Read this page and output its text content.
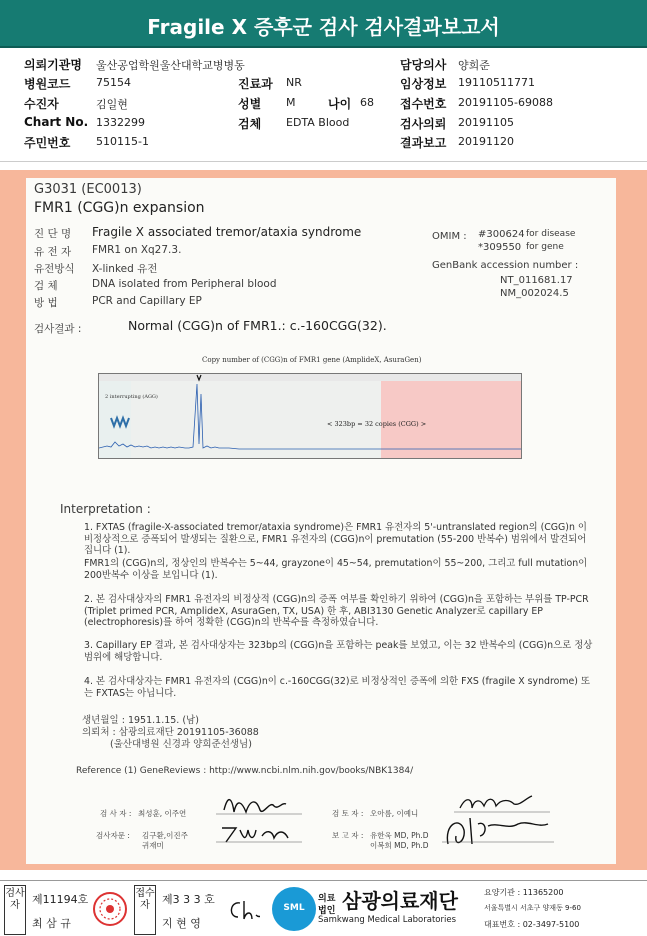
Fragile X 증후군 검사 검사결과보고서
의뢰기관명 울산공업학원울산대학교병병동	담당의사 양희준
병원코드 75154	진료과 NR	임상정보 19110511771
수진자	김일현	성별 M	나이 68 접수번호 20191105-69088
Chart No. 1332299	검체 EDTA Blood	검사의뢰 20191105
주민번호 510115-1	결과보고 20191120
G3031 (EC0013)
FMR1 (CGG)n expansion
진 단 명 Fragile X associated tremor/ataxia syndrome
유 전 자 FMR1 on Xq27.3.
유전방식 X-linked 유전
검 체	DNA isolated from Peripheral blood
방 법	PCR and Capillary EP
OMIM : #300624 for disease
*309550 for gene
GenBank accession number :
NT_011681.17
NM_002024.5
검사결과 :	Normal (CGG)n of FMR1.: c.-160CGG(32).
Copy number of (CGG)n of FMR1 gene (AmplideX, AsuraGen)
2 interrupting (AGG)
< 323bp = 32 copies (CGG) >
Interpretation :
1. FXTAS (fragile-X-associated tremor/ataxia syndrome)은 FMR1 유전자의 5'-untranslated region의 (CGG)n 이 비정상적으로 증폭되어 발생되는 질환으로, FMR1 유전자의 (CGG)n이 premutation (55-200 반복수) 범위에서 발견되어집니다 (1).
FMR1의 (CGG)n의, 정상인의 반복수는 5~44, grayzone이 45~54, premutation이 55~200, 그리고 full mutation이 200반복수 이상을 보입니다 (1).
2. 본 검사대상자의 FMR1 유전자의 비정상적 (CGG)n의 증폭 여부를 확인하기 위하여 (CGG)n을 포함하는 부위를 TP-PCR (Triplet primed PCR, AmplideX, AsuraGen, TX, USA) 한 후, ABI3130 Genetic Analyzer로 capillary EP (electrophoresis)를 하여 정확한 (CGG)n의 반복수를 측정하였습니다.
3. Capillary EP 결과, 본 검사대상자는 323bp의 (CGG)n을 포함하는 peak를 보였고, 이는 32 반복수의 (CGG)n으로 정상범위에 해당합니다.
4. 본 검사대상자는 FMR1 유전자의 (CGG)n이 c.-160CGG(32)로 비정상적인 증폭에 의한 FXS (fragile X syndrome) 또는 FXTAS는 아닙니다.
생년월일 : 1951.1.15. (남)
의뢰처 : 삼광의료재단 20191105-36088
(울산대병원 신경과 양희준선생님)
Reference (1) GeneReviews : http://www.ncbi.nlm.nih.gov/books/NBK1384/
검 사 자 : 최성훈, 이주연	검 토 자 : 오아름, 이예니
검사자문 : 김구환,이진주
귀재미
보 고 자 : 유한욱 MD, Ph.D
이복희 MD, Ph.D
검사자	제11194호
최 삼 규
접수자	제3 3 3 호
지 현 영
SML
의료
법인 삼광의료재단
Samkwang Medical Laboratories
요양기관 : 11365200
서울특별시 서초구 양재동 9-60
대표번호 : 02-3497-5100
